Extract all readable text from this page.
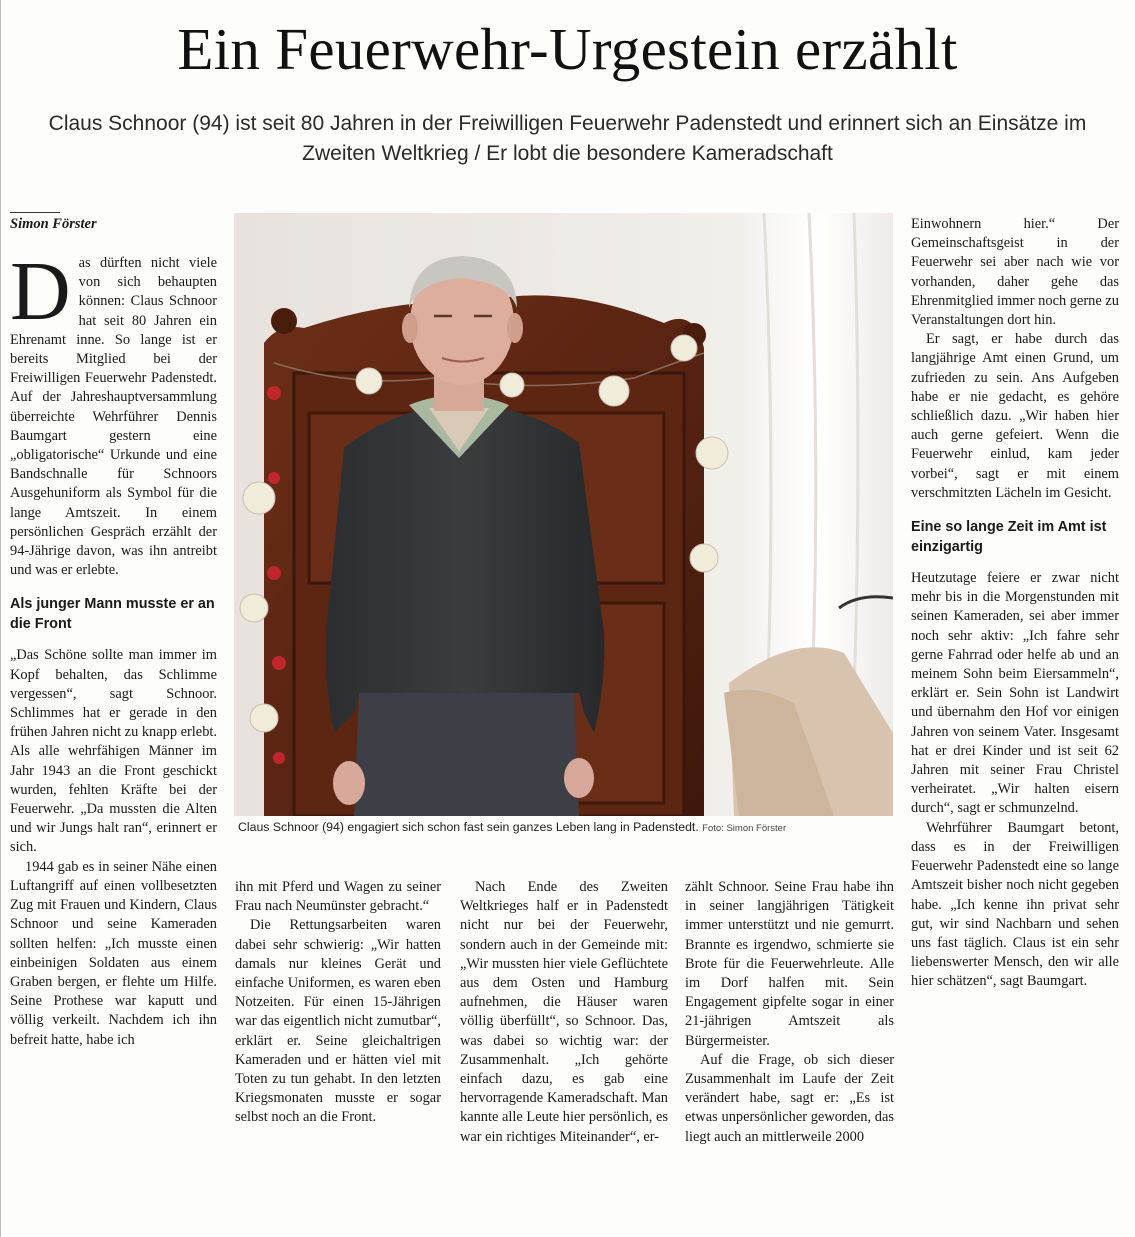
Ein Feuerwehr-Urgestein erzählt
Claus Schnoor (94) ist seit 80 Jahren in der Freiwilligen Feuerwehr Padenstedt und erinnert sich an Einsätze im Zweiten Weltkrieg / Er lobt die besondere Kameradschaft
Simon Förster

Das dürften nicht viele von sich behaupten können: Claus Schnoor hat seit 80 Jahren ein Ehrenamt inne. So lange ist er bereits Mitglied bei der Freiwilligen Feuerwehr Padenstedt. Auf der Jahreshauptversammlung überreichte Wehrführer Dennis Baumgart gestern eine „obligatorische“ Urkunde und eine Bandschnalle für Schnoors Ausgehuniform als Symbol für die lange Amtszeit. In einem persönlichen Gespräch erzählt der 94-Jährige davon, was ihn antreibt und was er erlebte.

Als junger Mann musste er an die Front

„Das Schöne sollte man immer im Kopf behalten, das Schlimme vergessen“, sagt Schnoor. Schlimmes hat er gerade in den frühen Jahren nicht zu knapp erlebt. Als alle wehrfähigen Männer im Jahr 1943 an die Front geschickt wurden, fehlten Kräfte bei der Feuerwehr. „Da mussten die Alten und wir Jungs halt ran“, erinnert er sich.

1944 gab es in seiner Nähe einen Luftangriff auf einen vollbesetzten Zug mit Frauen und Kindern, Claus Schnoor und seine Kameraden sollten helfen: „Ich musste einen einbeinigen Soldaten aus einem Graben bergen, er flehte um Hilfe. Seine Prothese war kaputt und völlig verkeilt. Nachdem ich ihn befreit hatte, habe ich

Claus Schnoor (94) engagiert sich schon fast sein ganzes Leben lang in Padenstedt. Foto: Simon Förster

ihn mit Pferd und Wagen zu seiner Frau nach Neumünster gebracht.“

Die Rettungsarbeiten waren dabei sehr schwierig: „Wir hatten damals nur kleines Gerät und einfache Uniformen, es waren eben Notzeiten. Für einen 15-Jährigen war das eigentlich nicht zumutbar“, erklärt er. Seine gleichaltrigen Kameraden und er hätten viel mit Toten zu tun gehabt. In den letzten Kriegsmonaten musste er sogar selbst noch an die Front.

Nach Ende des Zweiten Weltkrieges half er in Padenstedt nicht nur bei der Feuerwehr, sondern auch in der Gemeinde mit: „Wir mussten hier viele Geflüchtete aus dem Osten und Hamburg aufnehmen, die Häuser waren völlig überfüllt“, so Schnoor. Das, was dabei so wichtig war: der Zusammenhalt. „Ich gehörte einfach dazu, es gab eine hervorragende Kameradschaft. Man kannte alle Leute hier persönlich, es war ein richtiges Miteinander“, er-

zählt Schnoor. Seine Frau habe ihn in seiner langjährigen Tätigkeit immer unterstützt und nie gemurrt. Brannte es irgendwo, schmierte sie Brote für die Feuerwehrleute. Alle im Dorf halfen mit. Sein Engagement gipfelte sogar in einer 21-jährigen Amtszeit als Bürgermeister.

Auf die Frage, ob sich dieser Zusammenhalt im Laufe der Zeit verändert habe, sagt er: „Es ist etwas unpersönlicher geworden, das liegt auch an mittlerweile 2000

Einwohnern hier.“ Der Gemeinschaftsgeist in der Feuerwehr sei aber nach wie vor vorhanden, daher gehe das Ehrenmitglied immer noch gerne zu Veranstaltungen dort hin.

Er sagt, er habe durch das langjährige Amt einen Grund, um zufrieden zu sein. Ans Aufgeben habe er nie gedacht, es gehöre schließlich dazu. „Wir haben hier auch gerne gefeiert. Wenn die Feuerwehr einlud, kam jeder vorbei“, sagt er mit einem verschmitzten Lächeln im Gesicht.

Eine so lange Zeit im Amt ist einzigartig

Heutzutage feiere er zwar nicht mehr bis in die Morgenstunden mit seinen Kameraden, sei aber immer noch sehr aktiv: „Ich fahre sehr gerne Fahrrad oder helfe ab und an meinem Sohn beim Eiersammeln“, erklärt er. Sein Sohn ist Landwirt und übernahm den Hof vor einigen Jahren von seinem Vater. Insgesamt hat er drei Kinder und ist seit 62 Jahren mit seiner Frau Christel verheiratet. „Wir halten eisern durch“, sagt er schmunzelnd.

Wehrführer Baumgart betont, dass es in der Freiwilligen Feuerwehr Padenstedt eine so lange Amtszeit bisher noch nicht gegeben habe. „Ich kenne ihn privat sehr gut, wir sind Nachbarn und sehen uns fast täglich. Claus ist ein sehr liebenswerter Mensch, den wir alle hier schätzen“, sagt Baumgart.
